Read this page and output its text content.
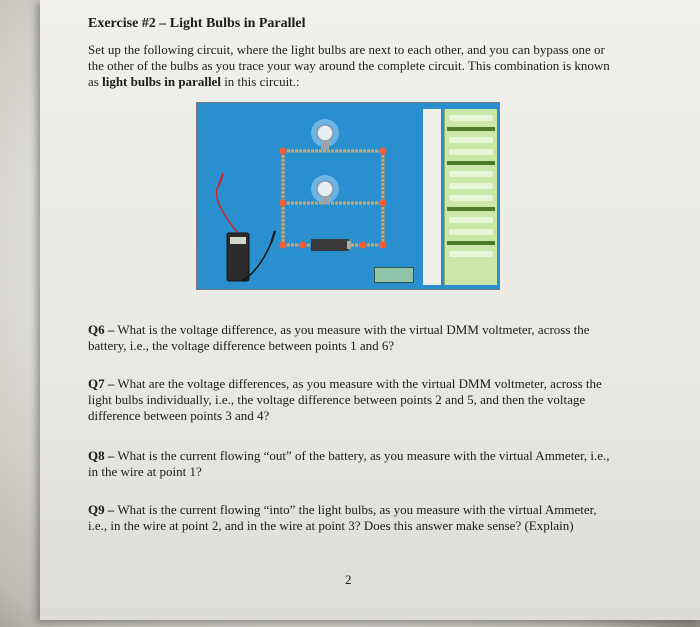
Exercise #2 – Light Bulbs in Parallel
Set up the following circuit, where the light bulbs are next to each other, and you can bypass one or the other of the bulbs as you trace your way around the complete circuit. This combination is known as light bulbs in parallel in this circuit.:
Q6 – What is the voltage difference, as you measure with the virtual DMM voltmeter, across the battery, i.e., the voltage difference between points 1 and 6?
Q7 – What are the voltage differences, as you measure with the virtual DMM voltmeter, across the light bulbs individually, i.e., the voltage difference between points 2 and 5, and then the voltage difference between points 3 and 4?
Q8 – What is the current flowing “out” of the battery, as you measure with the virtual Ammeter, i.e., in the wire at point 1?
Q9 – What is the current flowing “into” the light bulbs, as you measure with the virtual Ammeter, i.e., in the wire at point 2, and in the wire at point 3? Does this answer make sense? (Explain)
2
